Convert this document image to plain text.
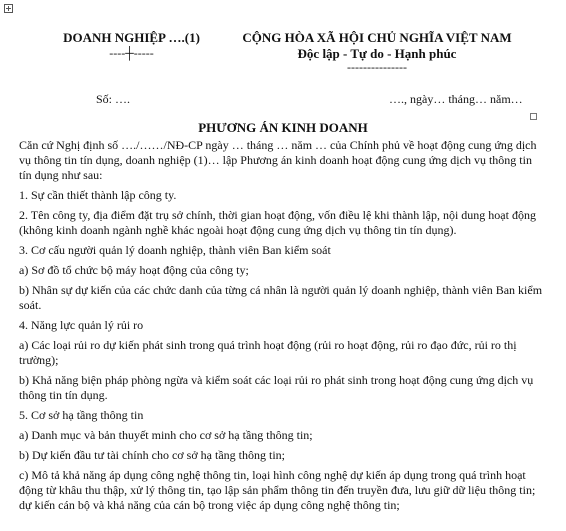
DOANH NGHIỆP ….(1)
----┼-----
CỘNG HÒA XÃ HỘI CHỦ NGHĨA VIỆT NAM
Độc lập - Tự do - Hạnh phúc
---------------
Số: ….	…., ngày… tháng… năm…
PHƯƠNG ÁN KINH DOANH

Căn cứ Nghị định số …./……/NĐ-CP ngày … tháng … năm … của Chính phủ về hoạt động cung ứng dịch vụ thông tin tín dụng, doanh nghiệp (1)… lập Phương án kinh doanh hoạt động cung ứng dịch vụ thông tin tín dụng như sau:

1. Sự cần thiết thành lập công ty.

2. Tên công ty, địa điểm đặt trụ sở chính, thời gian hoạt động, vốn điều lệ khi thành lập, nội dung hoạt động (không kinh doanh ngành nghề khác ngoài hoạt động cung ứng dịch vụ thông tin tín dụng).

3. Cơ cấu người quản lý doanh nghiệp, thành viên Ban kiểm soát

a) Sơ đồ tổ chức bộ máy hoạt động của công ty;

b) Nhân sự dự kiến của các chức danh của từng cá nhân là người quản lý doanh nghiệp, thành viên Ban kiểm soát.

4. Năng lực quản lý rủi ro

a) Các loại rủi ro dự kiến phát sinh trong quá trình hoạt động (rủi ro hoạt động, rủi ro đạo đức, rủi ro thị trường);

b) Khả năng biện pháp phòng ngừa và kiểm soát các loại rủi ro phát sinh trong hoạt động cung ứng dịch vụ thông tin tín dụng.

5. Cơ sở hạ tầng thông tin

a) Danh mục và bản thuyết minh cho cơ sở hạ tầng thông tin;

b) Dự kiến đầu tư tài chính cho cơ sở hạ tầng thông tin;

c) Mô tả khả năng áp dụng công nghệ thông tin, loại hình công nghệ dự kiến áp dụng trong quá trình hoạt động từ khâu thu thập, xử lý thông tin, tạo lập sản phẩm thông tin đến truyền đưa, lưu giữ dữ liệu thông tin; dự kiến cán bộ và khả năng của cán bộ trong việc áp dụng công nghệ thông tin;
